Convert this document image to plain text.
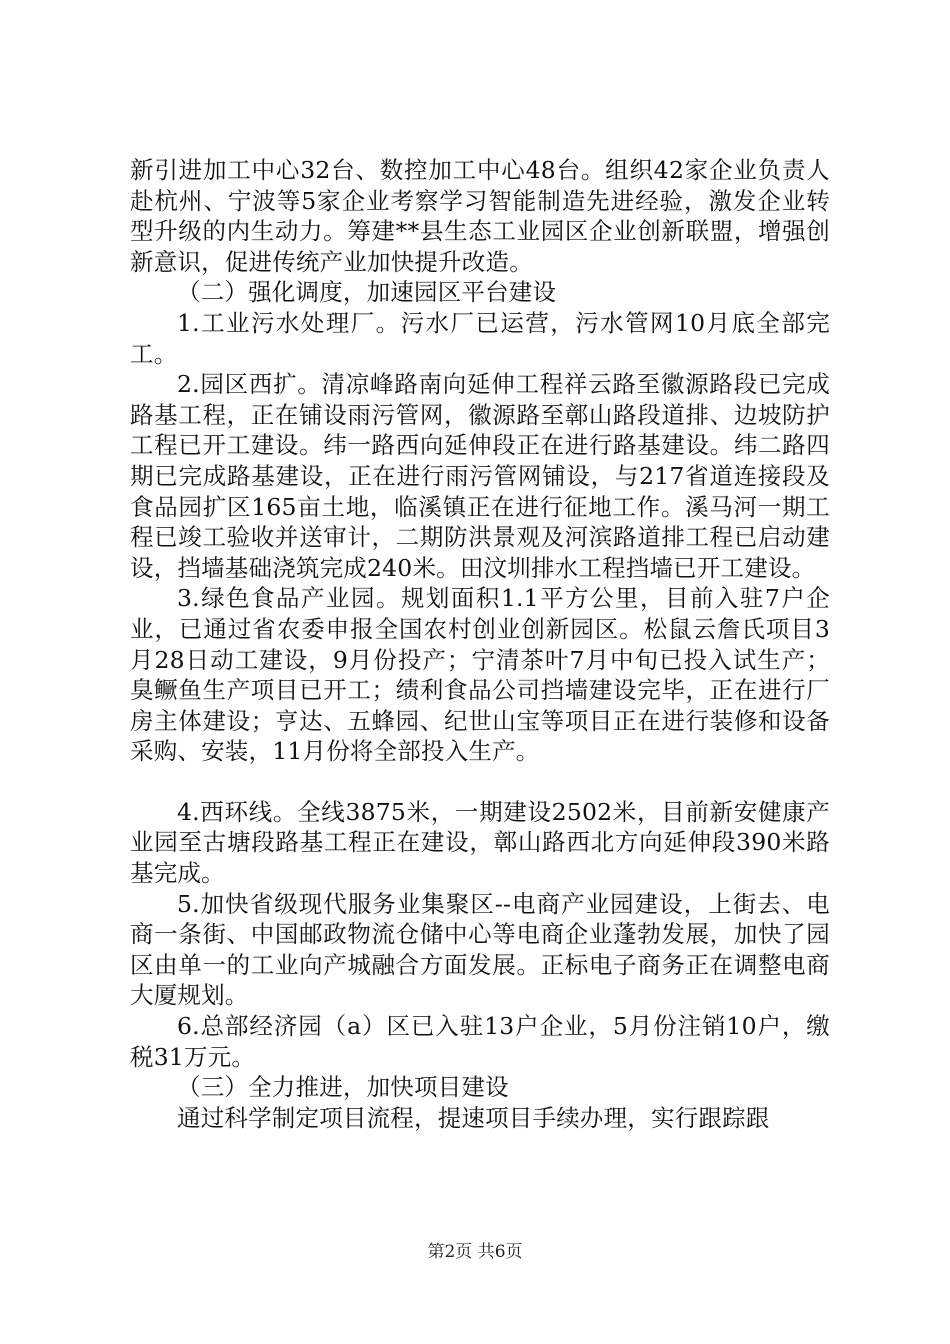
新引进加工中心32台、数控加工中心48台。组织42家企业负责人赴杭州、宁波等5家企业考察学习智能制造先进经验，激发企业转型升级的内生动力。筹建**县生态工业园区企业创新联盟，增强创新意识，促进传统产业加快提升改造。

（二）强化调度，加速园区平台建设

1.工业污水处理厂。污水厂已运营，污水管网10月底全部完工。

2.园区西扩。清凉峰路南向延伸工程祥云路至徽源路段已完成路基工程，正在铺设雨污管网，徽源路至鄣山路段道排、边坡防护工程已开工建设。纬一路西向延伸段正在进行路基建设。纬二路四期已完成路基建设，正在进行雨污管网铺设，与217省道连接段及食品园扩区165亩土地，临溪镇正在进行征地工作。溪马河一期工程已竣工验收并送审计，二期防洪景观及河滨路道排工程已启动建设，挡墙基础浇筑完成240米。田汶圳排水工程挡墙已开工建设。

3.绿色食品产业园。规划面积1.1平方公里，目前入驻7户企业，已通过省农委申报全国农村创业创新园区。松鼠云詹氏项目3月28日动工建设，9月份投产；宁清茶叶7月中旬已投入试生产；臭鳜鱼生产项目已开工；绩利食品公司挡墙建设完毕，正在进行厂房主体建设；亨达、五蜂园、纪世山宝等项目正在进行装修和设备采购、安装，11月份将全部投入生产。

4.西环线。全线3875米，一期建设2502米，目前新安健康产业园至古塘段路基工程正在建设，鄣山路西北方向延伸段390米路基完成。

5.加快省级现代服务业集聚区--电商产业园建设，上街去、电商一条街、中国邮政物流仓储中心等电商企业蓬勃发展，加快了园区由单一的工业向产城融合方面发展。正标电子商务正在调整电商大厦规划。

6.总部经济园（a）区已入驻13户企业，5月份注销10户，缴税31万元。

（三）全力推进，加快项目建设

通过科学制定项目流程，提速项目手续办理，实行跟踪跟

第2页 共6页
